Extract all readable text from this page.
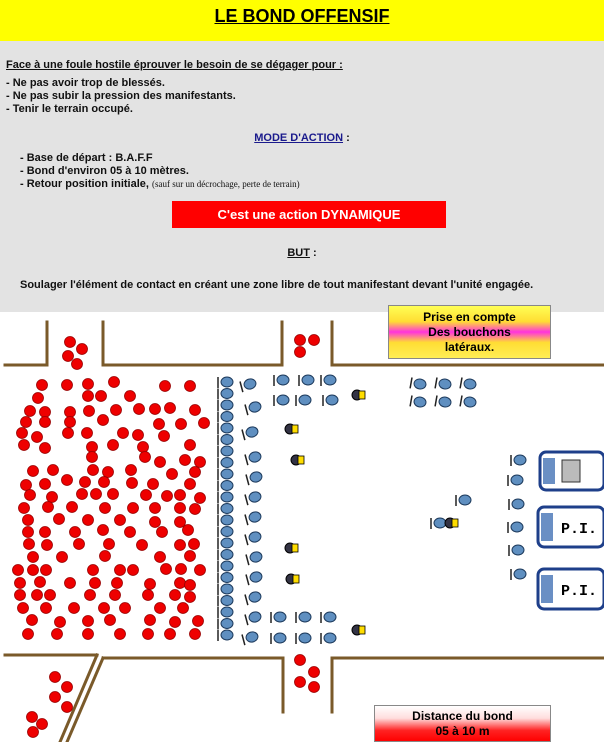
LE BOND OFFENSIF
Face à une foule hostile éprouver le besoin de se dégager pour :
- Ne pas avoir trop de blessés.
- Ne pas subir la pression des manifestants.
- Tenir le terrain occupé.
MODE D'ACTION :
- Base de départ : B.A.F.F
- Bond d'environ 05 à 10 mètres.
- Retour position initiale, (sauf sur un décrochage, perte de terrain)
C'est une action DYNAMIQUE
BUT :
Soulager l'élément de contact en créant une zone libre de tout manifestant devant l'unité engagée.
P.I.
P.I.
Prise en compte
Des bouchons
latéraux.
Distance du bond
05 à 10 m
